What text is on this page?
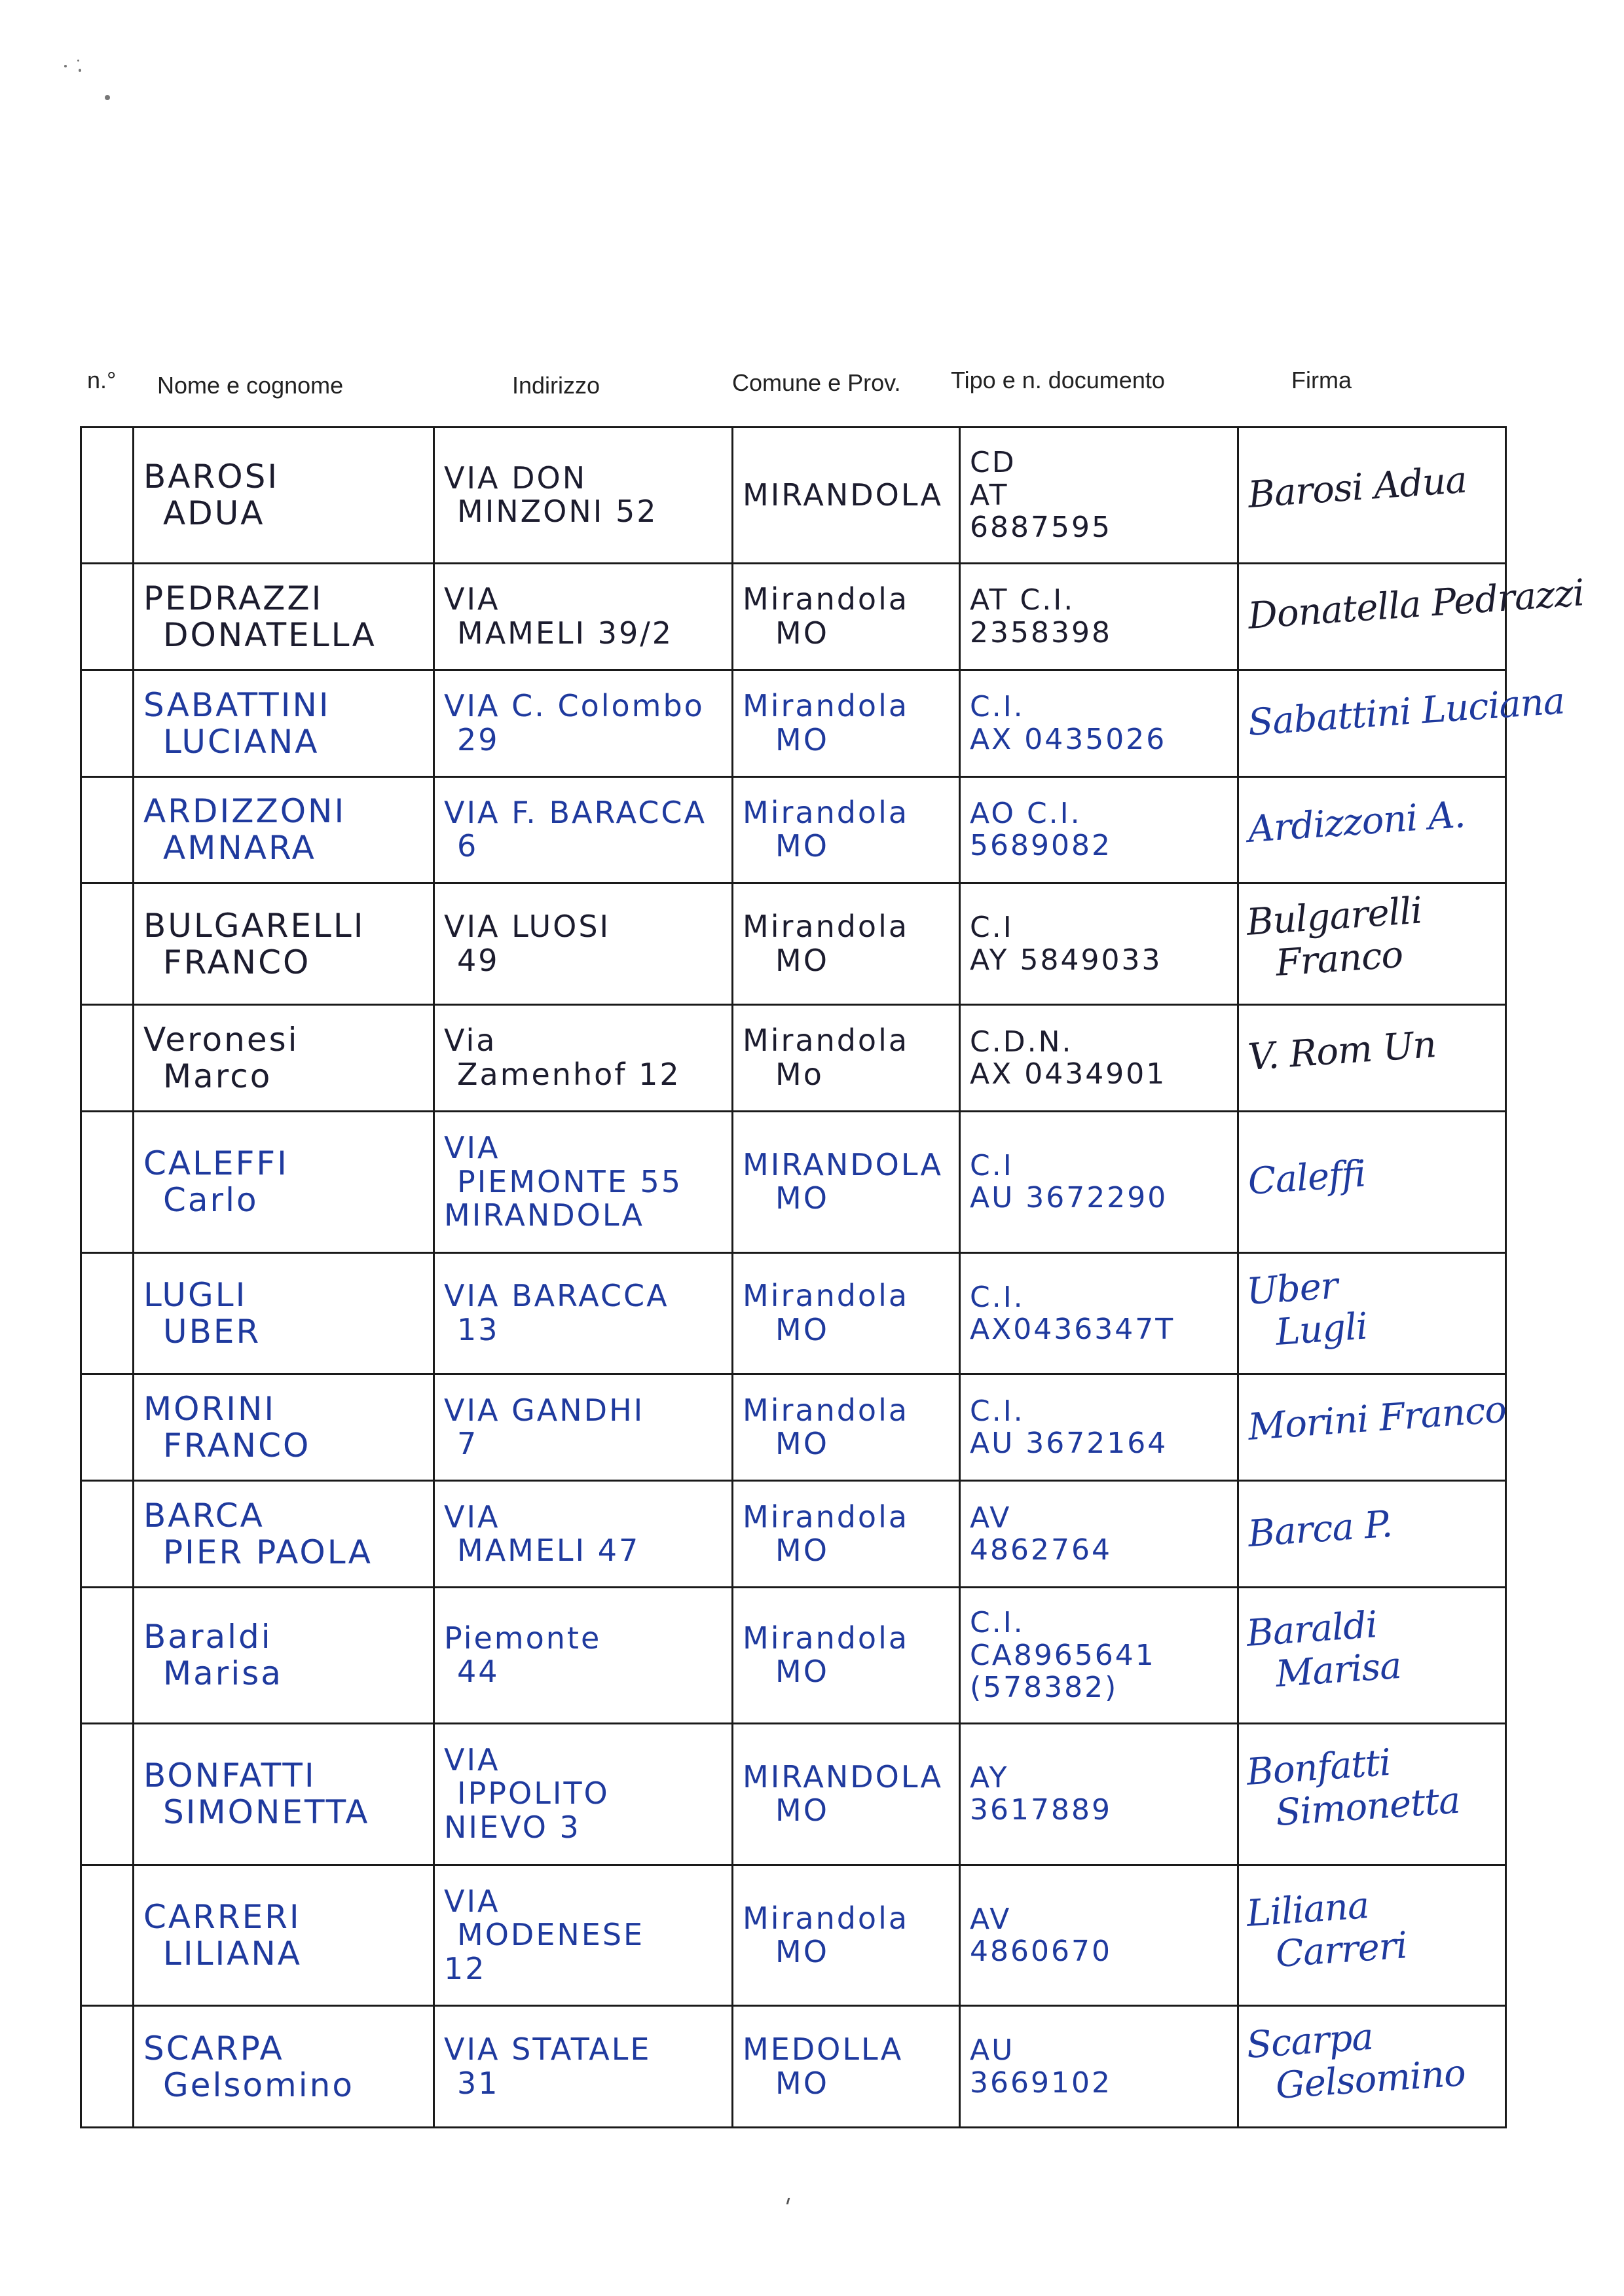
n.° Nome e cognome	Indirizzo	Comune e Prov. Tipo e n. documento	Firma

	BAROSI
ADUA	VIA DON
MINZONI 52	MIRANDOLA	CD
AT
6887595	Barosi Adua

	PEDRAZZI
DONATELLA	VIA
MAMELI 39/2	Mirandola
MO	AT C.I.
2358398	Donatella Pedrazzi

	SABATTINI
LUCIANA	VIA C. Colombo
29	Mirandola
MO	C.I.
AX 0435026	Sabattini Luciana

	ARDIZZONI
AMNARA	VIA F. BARACCA
6	Mirandola
MO	AO C.I.
5689082	Ardizzoni A.

	BULGARELLI
FRANCO	VIA LUOSI
49	Mirandola
MO	C.I
AY 5849033	Bulgarelli
Franco

	Veronesi
Marco	Via
Zamenhof 12	Mirandola
Mo	C.D.N.
AX 0434901	V. Rom Un

	CALEFFI
Carlo	VIA
PIEMONTE 55
MIRANDOLA	MIRANDOLA
MO	C.I
AU 3672290	Caleffi

	LUGLI
UBER	VIA BARACCA
13	Mirandola
MO	C.I.
AX0436347T	Uber
Lugli

	MORINI
FRANCO	VIA GANDHI
7	Mirandola
MO	C.I.
AU 3672164	Morini Franco

	BARCA
PIER PAOLA	VIA
MAMELI 47	Mirandola
MO	AV
4862764	Barca P.

	Baraldi
Marisa	Piemonte
44	Mirandola
MO	C.I.
CA8965641
(578382)	Baraldi
Marisa

	BONFATTI
SIMONETTA	VIA
IPPOLITO
NIEVO 3	MIRANDOLA
MO	AY
3617889	Bonfatti
Simonetta

	CARRERI
LILIANA	VIA
MODENESE
12	Mirandola
MO	AV
4860670	Liliana
Carreri

	SCARPA
Gelsomino	VIA STATALE
31	MEDOLLA
MO	AU
3669102	Scarpa
Gelsomino
